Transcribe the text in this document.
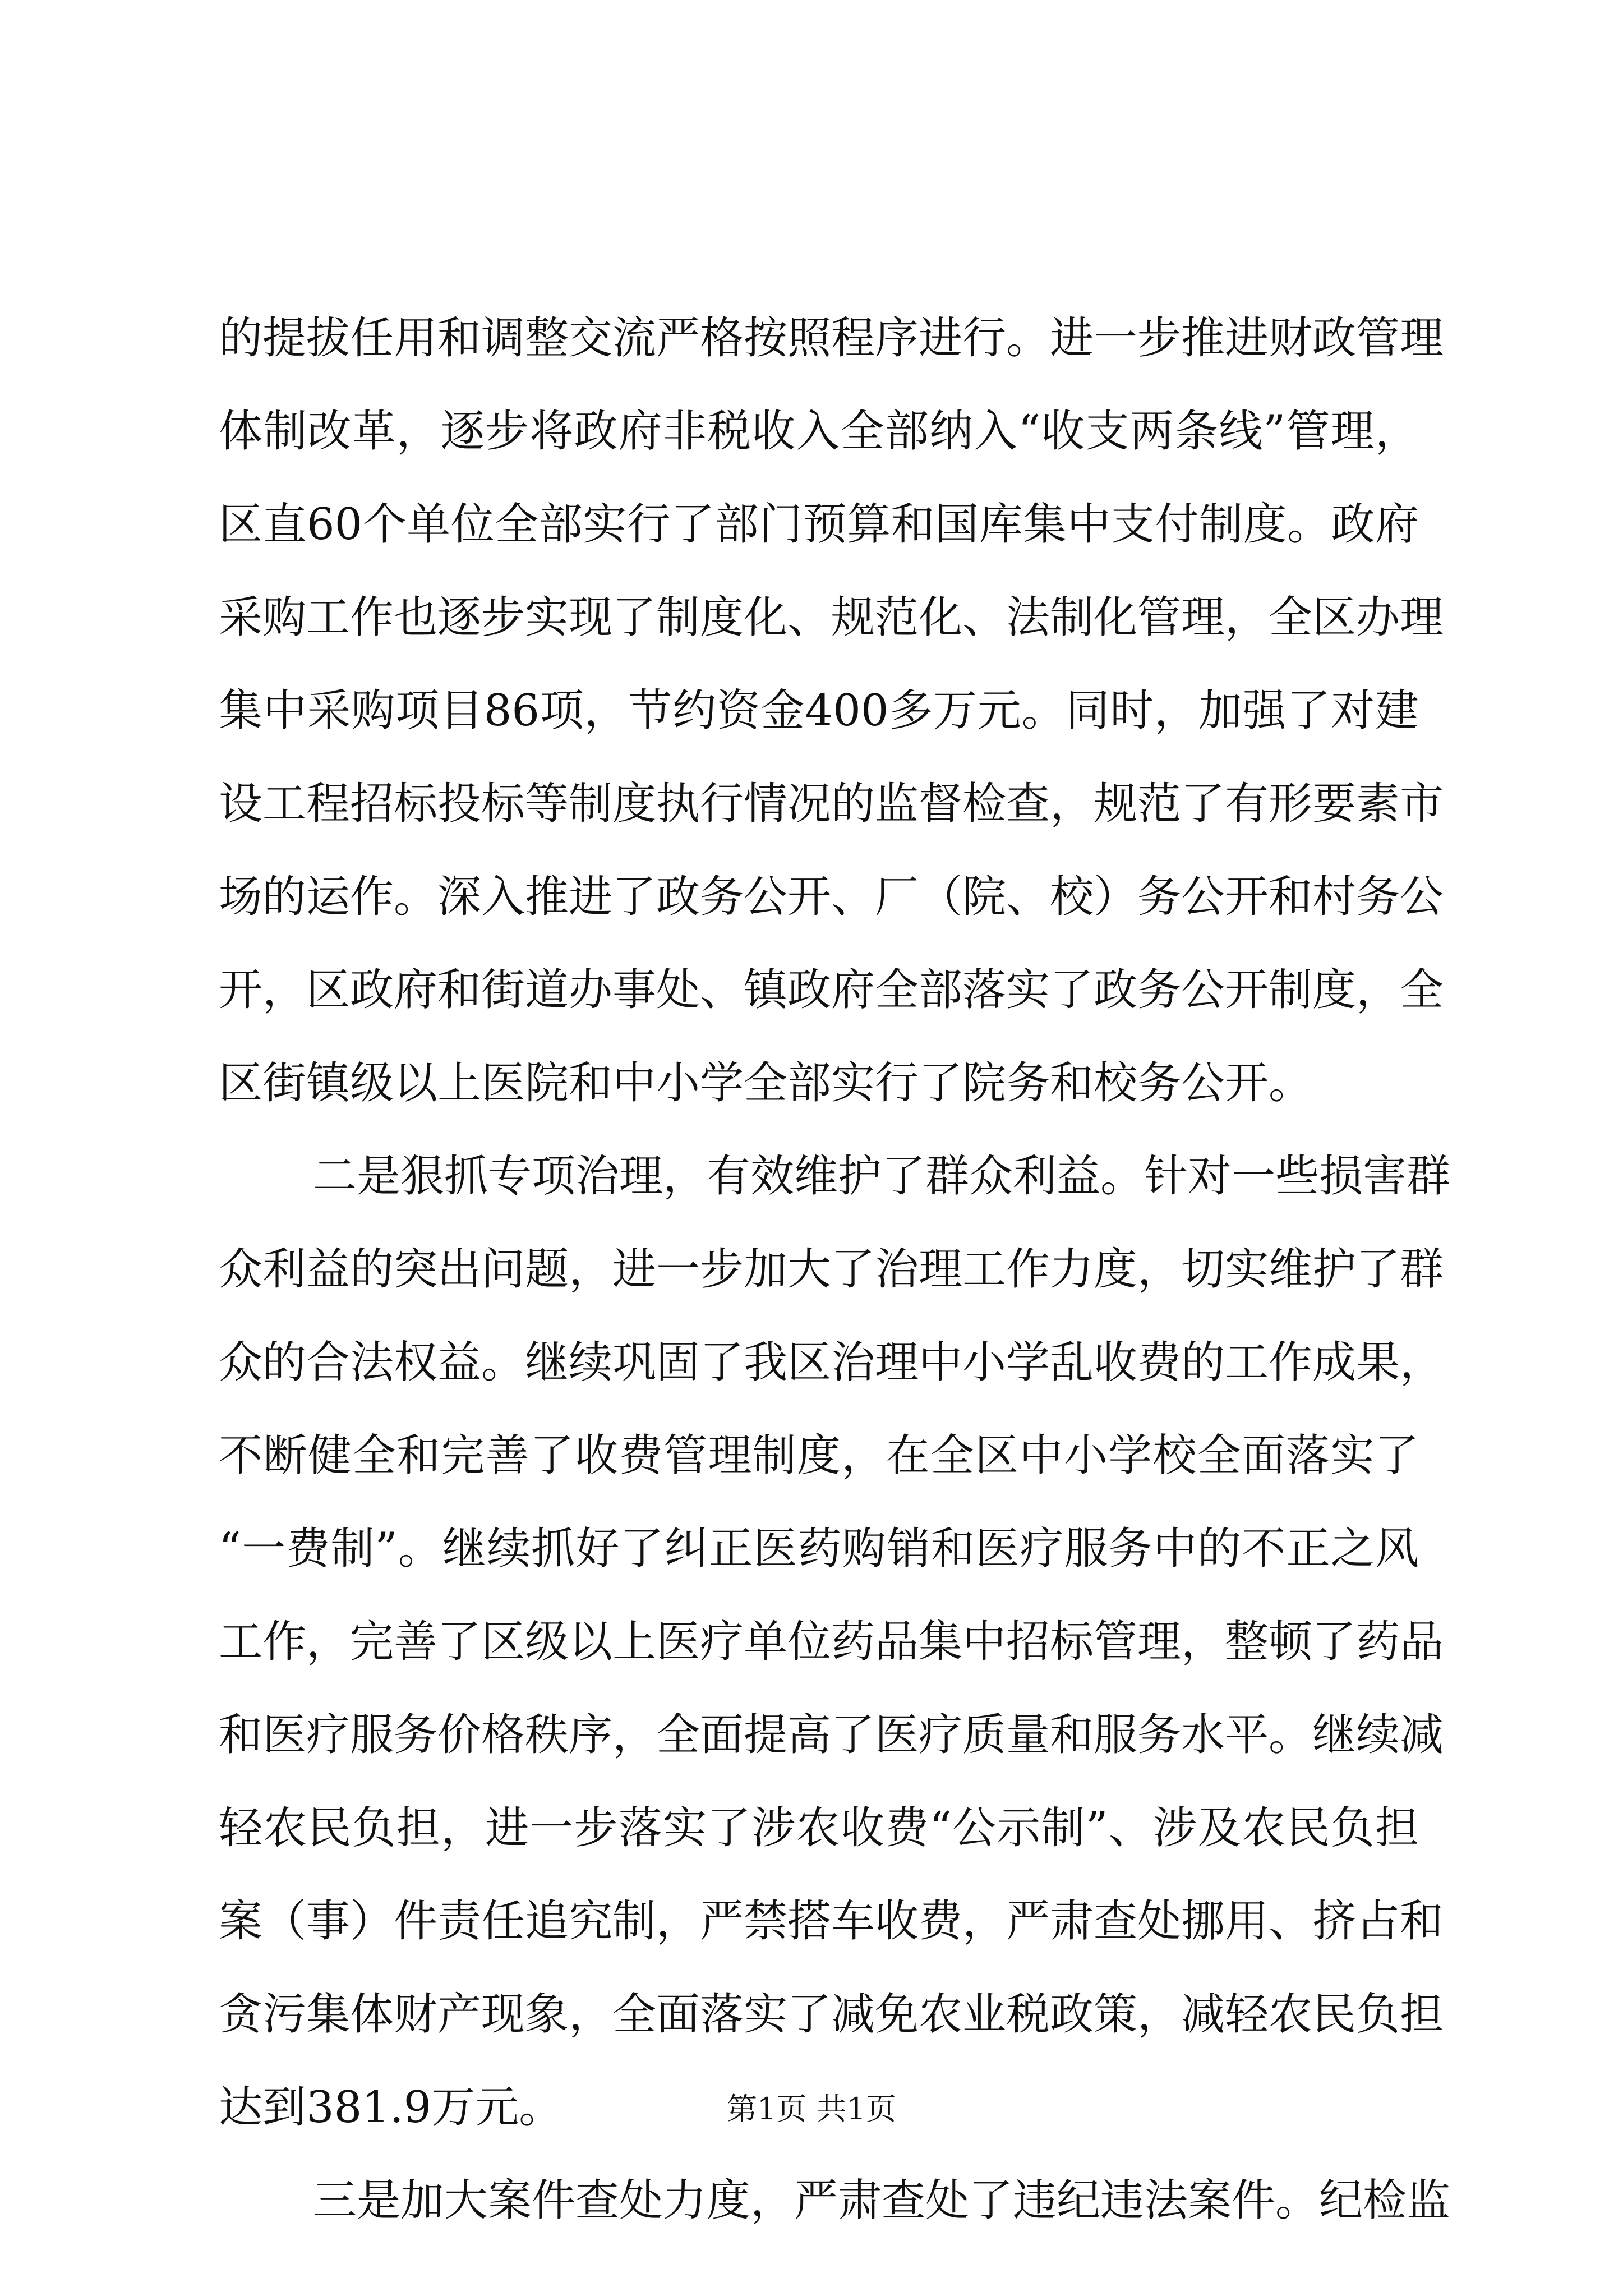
的提拔任用和调整交流严格按照程序进行。进一步推进财政管理
体制改革，逐步将政府非税收入全部纳入“收支两条线”管理，
区直60个单位全部实行了部门预算和国库集中支付制度。政府
采购工作也逐步实现了制度化、规范化、法制化管理，全区办理
集中采购项目86项，节约资金400多万元。同时，加强了对建
设工程招标投标等制度执行情况的监督检查，规范了有形要素市
场的运作。深入推进了政务公开、厂（院、校）务公开和村务公
开，区政府和街道办事处、镇政府全部落实了政务公开制度，全
区街镇级以上医院和中小学全部实行了院务和校务公开。
二是狠抓专项治理，有效维护了群众利益。针对一些损害群
众利益的突出问题，进一步加大了治理工作力度，切实维护了群
众的合法权益。继续巩固了我区治理中小学乱收费的工作成果，
不断健全和完善了收费管理制度，在全区中小学校全面落实了
“一费制”。继续抓好了纠正医药购销和医疗服务中的不正之风
工作，完善了区级以上医疗单位药品集中招标管理，整顿了药品
和医疗服务价格秩序，全面提高了医疗质量和服务水平。继续减
轻农民负担，进一步落实了涉农收费“公示制”、涉及农民负担
案（事）件责任追究制，严禁搭车收费，严肃查处挪用、挤占和
贪污集体财产现象，全面落实了减免农业税政策，减轻农民负担
达到381.9万元。
三是加大案件查处力度，严肃查处了违纪违法案件。纪检监
第1页 共1页
